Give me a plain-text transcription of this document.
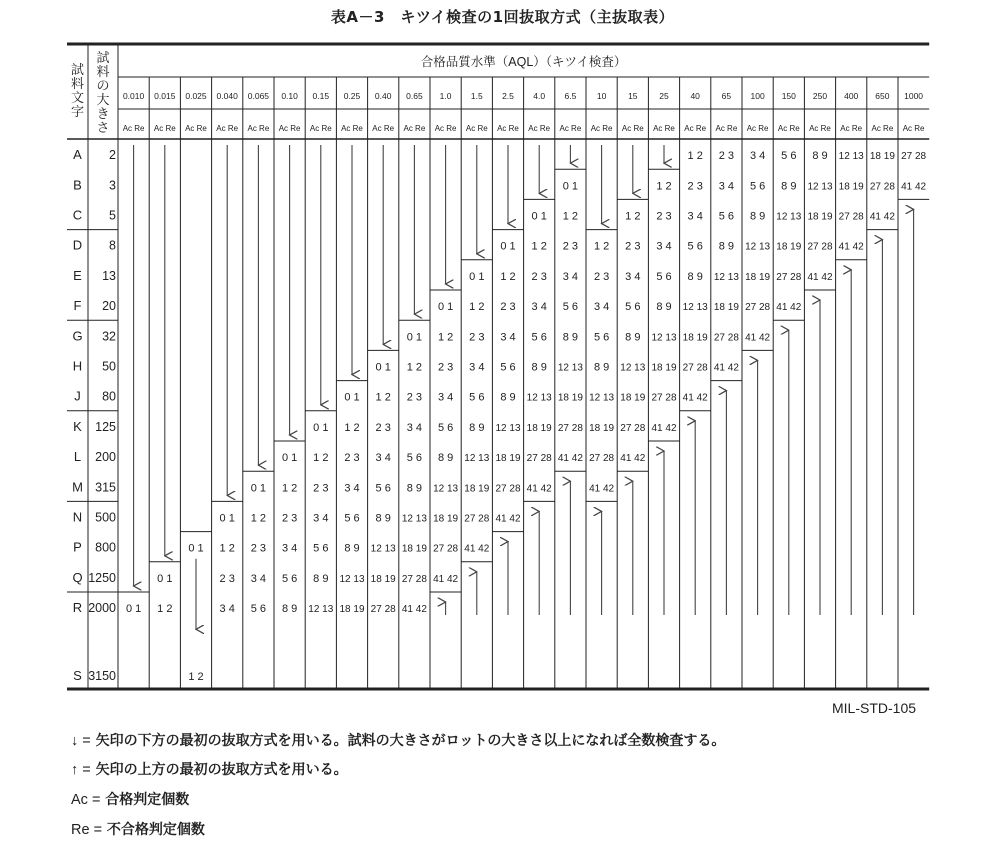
表A－3　キツイ検査の1回抜取方式（主抜取表）
試
料
文
字
試
料
の
大
き
さ
合格品質水準（AQL）（キツイ検査）
0.010
Ac Re
0.015
Ac Re
0.025
Ac Re
0.040
Ac Re
0.065
Ac Re
0.10
Ac Re
0.15
Ac Re
0.25
Ac Re
0.40
Ac Re
0.65
Ac Re
1.0
Ac Re
1.5
Ac Re
2.5
Ac Re
4.0
Ac Re
6.5
Ac Re
10
Ac Re
15
Ac Re
25
Ac Re
40
Ac Re
65
Ac Re
100
Ac Re
150
Ac Re
250
Ac Re
400
Ac Re
650
Ac Re
1000
Ac Re
A 2
B 3
C 5
D 8
E 13
F 20
G 32
H 50
J 80
K 125
L 200
M 315
N 500
P 800
Q 1250
R 2000
S 3150
0 1
0 1
1 2
0 1
1 2
0 1
1 2
2 3
3 4
0 1
1 2
2 3
3 4
5 6
0 1
1 2
2 3
3 4
5 6
8 9
0 1
1 2
2 3
3 4
5 6
8 9
12 13
0 1
1 2
2 3
3 4
5 6
8 9
12 13
18 19
0 1
1 2
2 3
3 4
5 6
8 9
12 13
18 19
27 28
0 1
1 2
2 3
3 4
5 6
8 9
12 13
18 19
27 28
41 42
0 1
1 2
2 3
3 4
5 6
8 9
12 13
18 19
27 28
41 42
0 1
1 2
2 3
3 4
5 6
8 9
12 13
18 19
27 28
41 42
0 1
1 2
2 3
3 4
5 6
8 9
12 13
18 19
27 28
41 42
0 1
1 2
2 3
3 4
5 6
8 9
12 13
18 19
27 28
41 42
0 1
1 2
2 3
3 4
5 6
8 9
12 13
18 19
27 28
41 42
1 2
2 3
3 4
5 6
8 9
12 13
18 19
27 28
41 42
1 2
2 3
3 4
5 6
8 9
12 13
18 19
27 28
41 42
1 2
2 3
3 4
5 6
8 9
12 13
18 19
27 28
41 42
1 2
2 3
3 4
5 6
8 9
12 13
18 19
27 28
41 42
2 3
3 4
5 6
8 9
12 13
18 19
27 28
41 42
3 4
5 6
8 9
12 13
18 19
27 28
41 42
5 6
8 9
12 13
18 19
27 28
41 42
8 9
12 13
18 19
27 28
41 42
12 13
18 19
27 28
41 42
18 19
27 28
41 42
27 28
41 42
MIL-STD-105
↓ = 矢印の下方の最初の抜取方式を用いる。試料の大きさがロットの大きさ以上になれば全数検査する。
↑ = 矢印の上方の最初の抜取方式を用いる。
Ac = 合格判定個数
Re = 不合格判定個数
